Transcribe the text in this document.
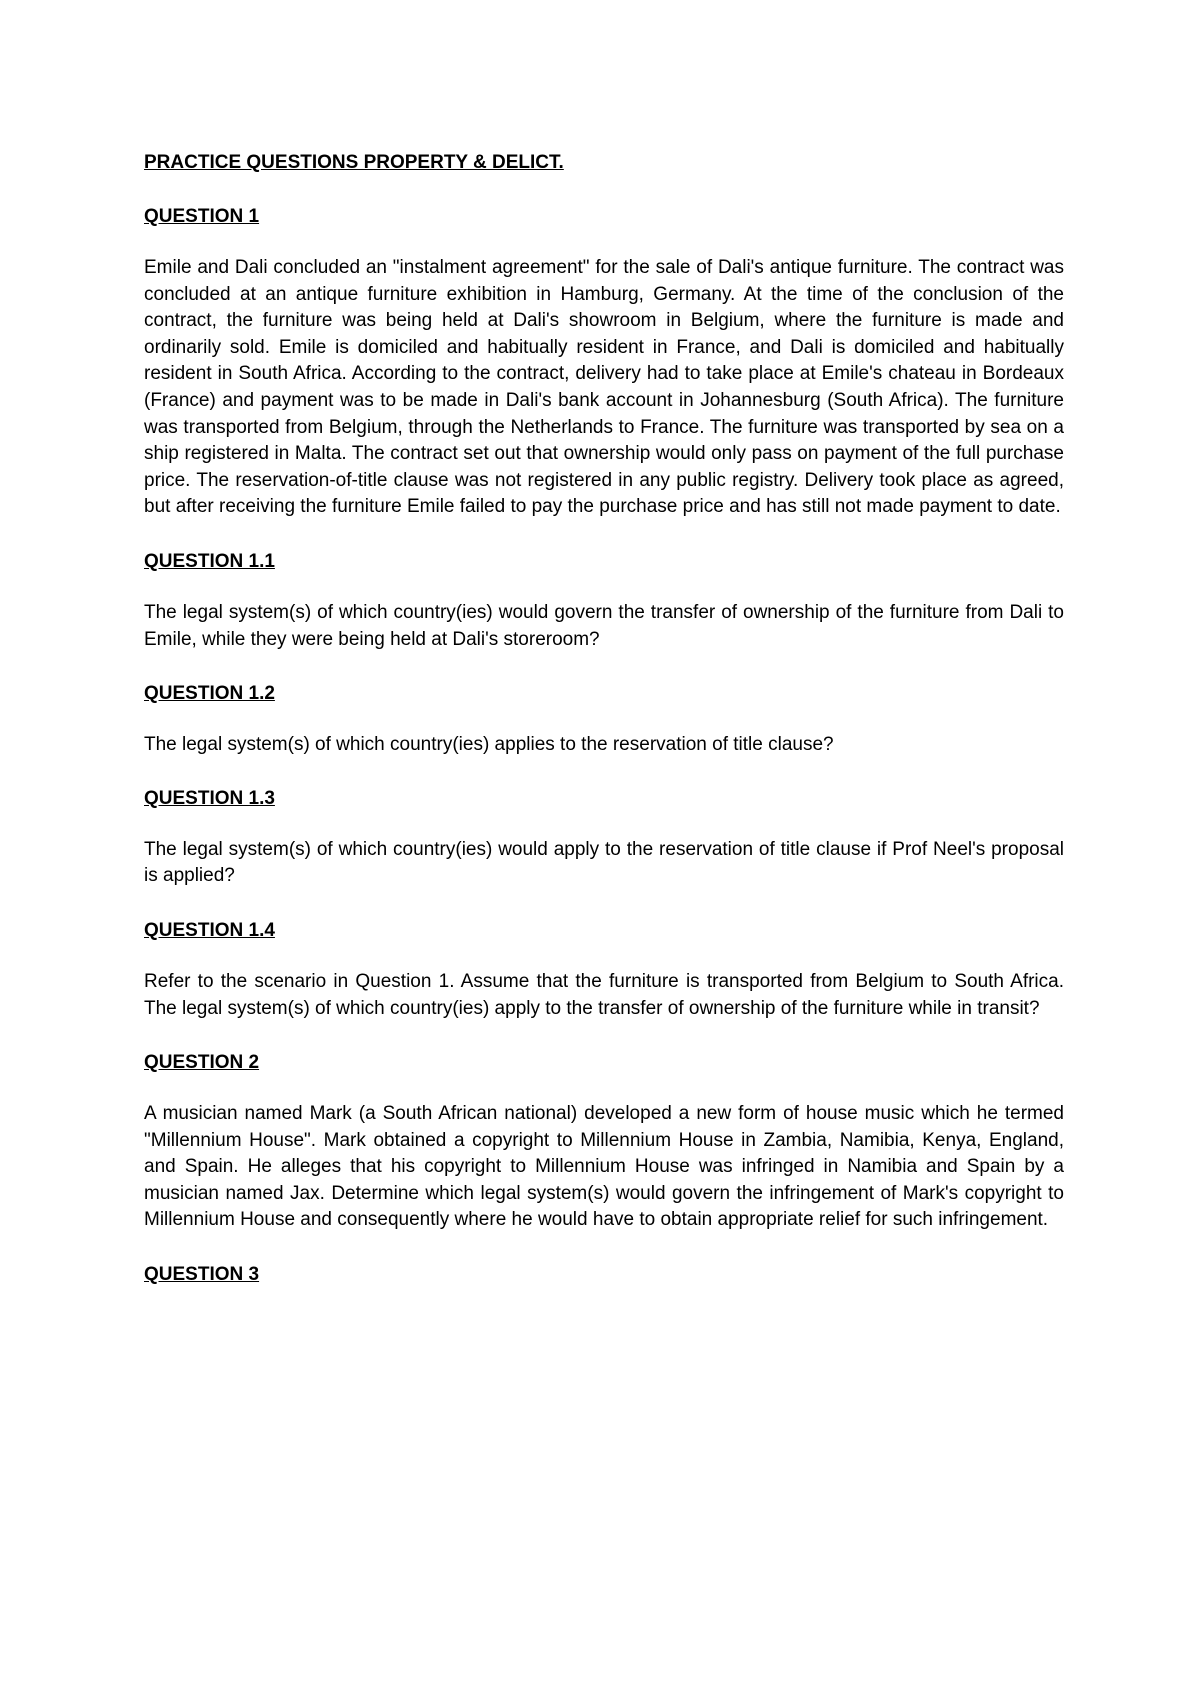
PRACTICE QUESTIONS PROPERTY & DELICT.
QUESTION 1
Emile and Dali concluded an "instalment agreement" for the sale of Dali's antique furniture. The contract was concluded at an antique furniture exhibition in Hamburg, Germany. At the time of the conclusion of the contract, the furniture was being held at Dali's showroom in Belgium, where the furniture is made and ordinarily sold. Emile is domiciled and habitually resident in France, and Dali is domiciled and habitually resident in South Africa. According to the contract, delivery had to take place at Emile's chateau in Bordeaux (France) and payment was to be made in Dali's bank account in Johannesburg (South Africa). The furniture was transported from Belgium, through the Netherlands to France. The furniture was transported by sea on a ship registered in Malta. The contract set out that ownership would only pass on payment of the full purchase price. The reservation-of-title clause was not registered in any public registry. Delivery took place as agreed, but after receiving the furniture Emile failed to pay the purchase price and has still not made payment to date.
QUESTION 1.1
The legal system(s) of which country(ies) would govern the transfer of ownership of the furniture from Dali to Emile, while they were being held at Dali's storeroom?
QUESTION 1.2
The legal system(s) of which country(ies) applies to the reservation of title clause?
QUESTION 1.3
The legal system(s) of which country(ies) would apply to the reservation of title clause if Prof Neel's proposal is applied?
QUESTION 1.4
Refer to the scenario in Question 1. Assume that the furniture is transported from Belgium to South Africa. The legal system(s) of which country(ies) apply to the transfer of ownership of the furniture while in transit?
QUESTION 2
A musician named Mark (a South African national) developed a new form of house music which he termed "Millennium House". Mark obtained a copyright to Millennium House in Zambia, Namibia, Kenya, England, and Spain. He alleges that his copyright to Millennium House was infringed in Namibia and Spain by a musician named Jax. Determine which legal system(s) would govern the infringement of Mark's copyright to Millennium House and consequently where he would have to obtain appropriate relief for such infringement.
QUESTION 3
